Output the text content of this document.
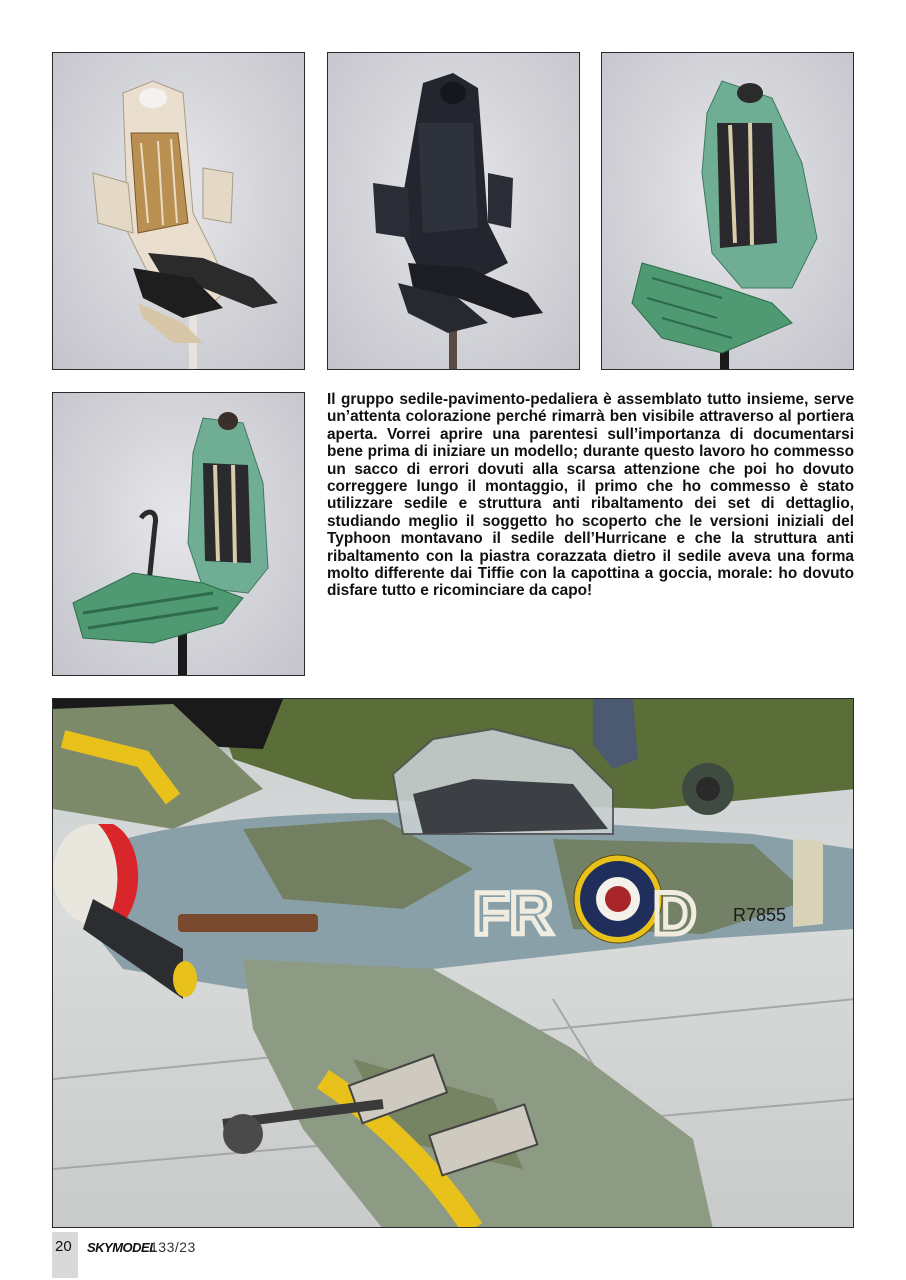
Il gruppo sedile-pavimento-pedaliera è assemblato tutto insieme, serve un’attenta colorazione perché rimarrà ben visibile attraverso al portiera aperta. Vorrei aprire una parentesi sull’importanza di documentarsi bene prima di iniziare un modello; durante questo lavoro ho commesso un sacco di errori dovuti alla scarsa attenzione che poi ho dovuto correggere lungo il montaggio, il primo che ho commesso è stato utilizzare sedile e struttura anti ribaltamento dei set di dettaglio, studiando meglio il soggetto ho scoperto che le versioni iniziali del Typhoon montavano il sedile dell’Hurricane e che la struttura anti ribaltamento con la piastra corazzata dietro il sedile aveva una forma molto differente dai Tiffie con la capottina a goccia, morale: ho dovuto disfare tutto e ricominciare da capo!

FR D R7855
20 SKYMODEL
133/23
